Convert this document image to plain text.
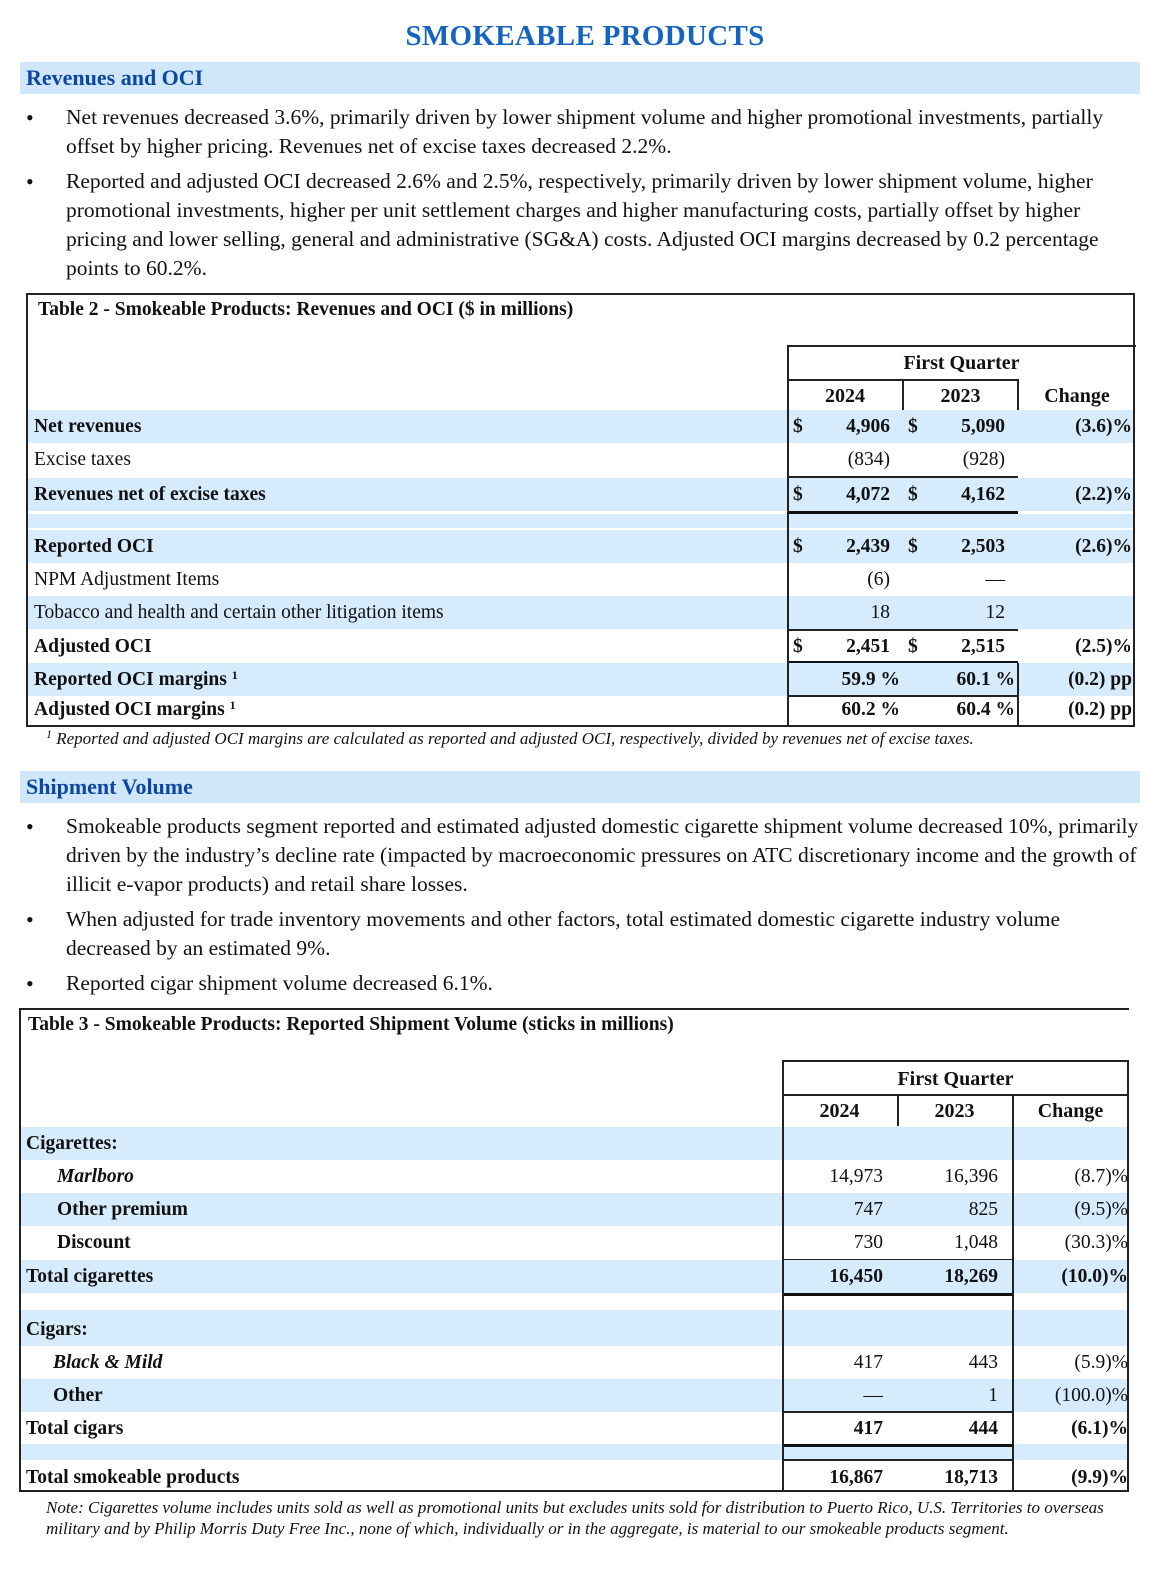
SMOKEABLE PRODUCTS
Revenues and OCI
• Net revenues decreased 3.6%, primarily driven by lower shipment volume and higher promotional investments, partially offset by higher pricing. Revenues net of excise taxes decreased 2.2%.
• Reported and adjusted OCI decreased 2.6% and 2.5%, respectively, primarily driven by lower shipment volume, higher promotional investments, higher per unit settlement charges and higher manufacturing costs, partially offset by higher pricing and lower selling, general and administrative (SG&A) costs. Adjusted OCI margins decreased by 0.2 percentage points to 60.2%.
Table 2 - Smokeable Products: Revenues and OCI ($ in millions)
First Quarter
2024	2023	Change
Net revenues	$	4,906 $	5,090	(3.6)%
Excise taxes	(834)	(928)
Revenues net of excise taxes	$	4,072 $	4,162	(2.2)%
Reported OCI	$	2,439 $	2,503	(2.6)%
NPM Adjustment Items	(6)	—
Tobacco and health and certain other litigation items	18	12
Adjusted OCI	$	2,451 $	2,515	(2.5)%
Reported OCI margins $^1$	59.9 %	60.1 %	(0.2) pp
Adjusted OCI margins $^1$	60.2 %	60.4 %	(0.2) pp
$^1$ Reported and adjusted OCI margins are calculated as reported and adjusted OCI, respectively, divided by revenues net of excise taxes.
Shipment Volume
• Smokeable products segment reported and estimated adjusted domestic cigarette shipment volume decreased 10%, primarily driven by the industry’s decline rate (impacted by macroeconomic pressures on ATC discretionary income and the growth of illicit e-vapor products) and retail share losses.
• When adjusted for trade inventory movements and other factors, total estimated domestic cigarette industry volume decreased by an estimated 9%.
• Reported cigar shipment volume decreased 6.1%.
Table 3 - Smokeable Products: Reported Shipment Volume (sticks in millions)
First Quarter
2024	2023	Change
Cigarettes:
Marlboro	14,973	16,396	(8.7)%
Other premium	747	825	(9.5)%
Discount	730	1,048	(30.3)%
Total cigarettes	16,450	18,269	(10.0)%
Cigars:
Black & Mild	417	443	(5.9)%
Other	—	1	(100.0)%
Total cigars	417	444	(6.1)%
Total smokeable products	16,867	18,713	(9.9)%
Note: Cigarettes volume includes units sold as well as promotional units but excludes units sold for distribution to Puerto Rico, U.S. Territories to overseas military and by Philip Morris Duty Free Inc., none of which, individually or in the aggregate, is material to our smokeable products segment.
